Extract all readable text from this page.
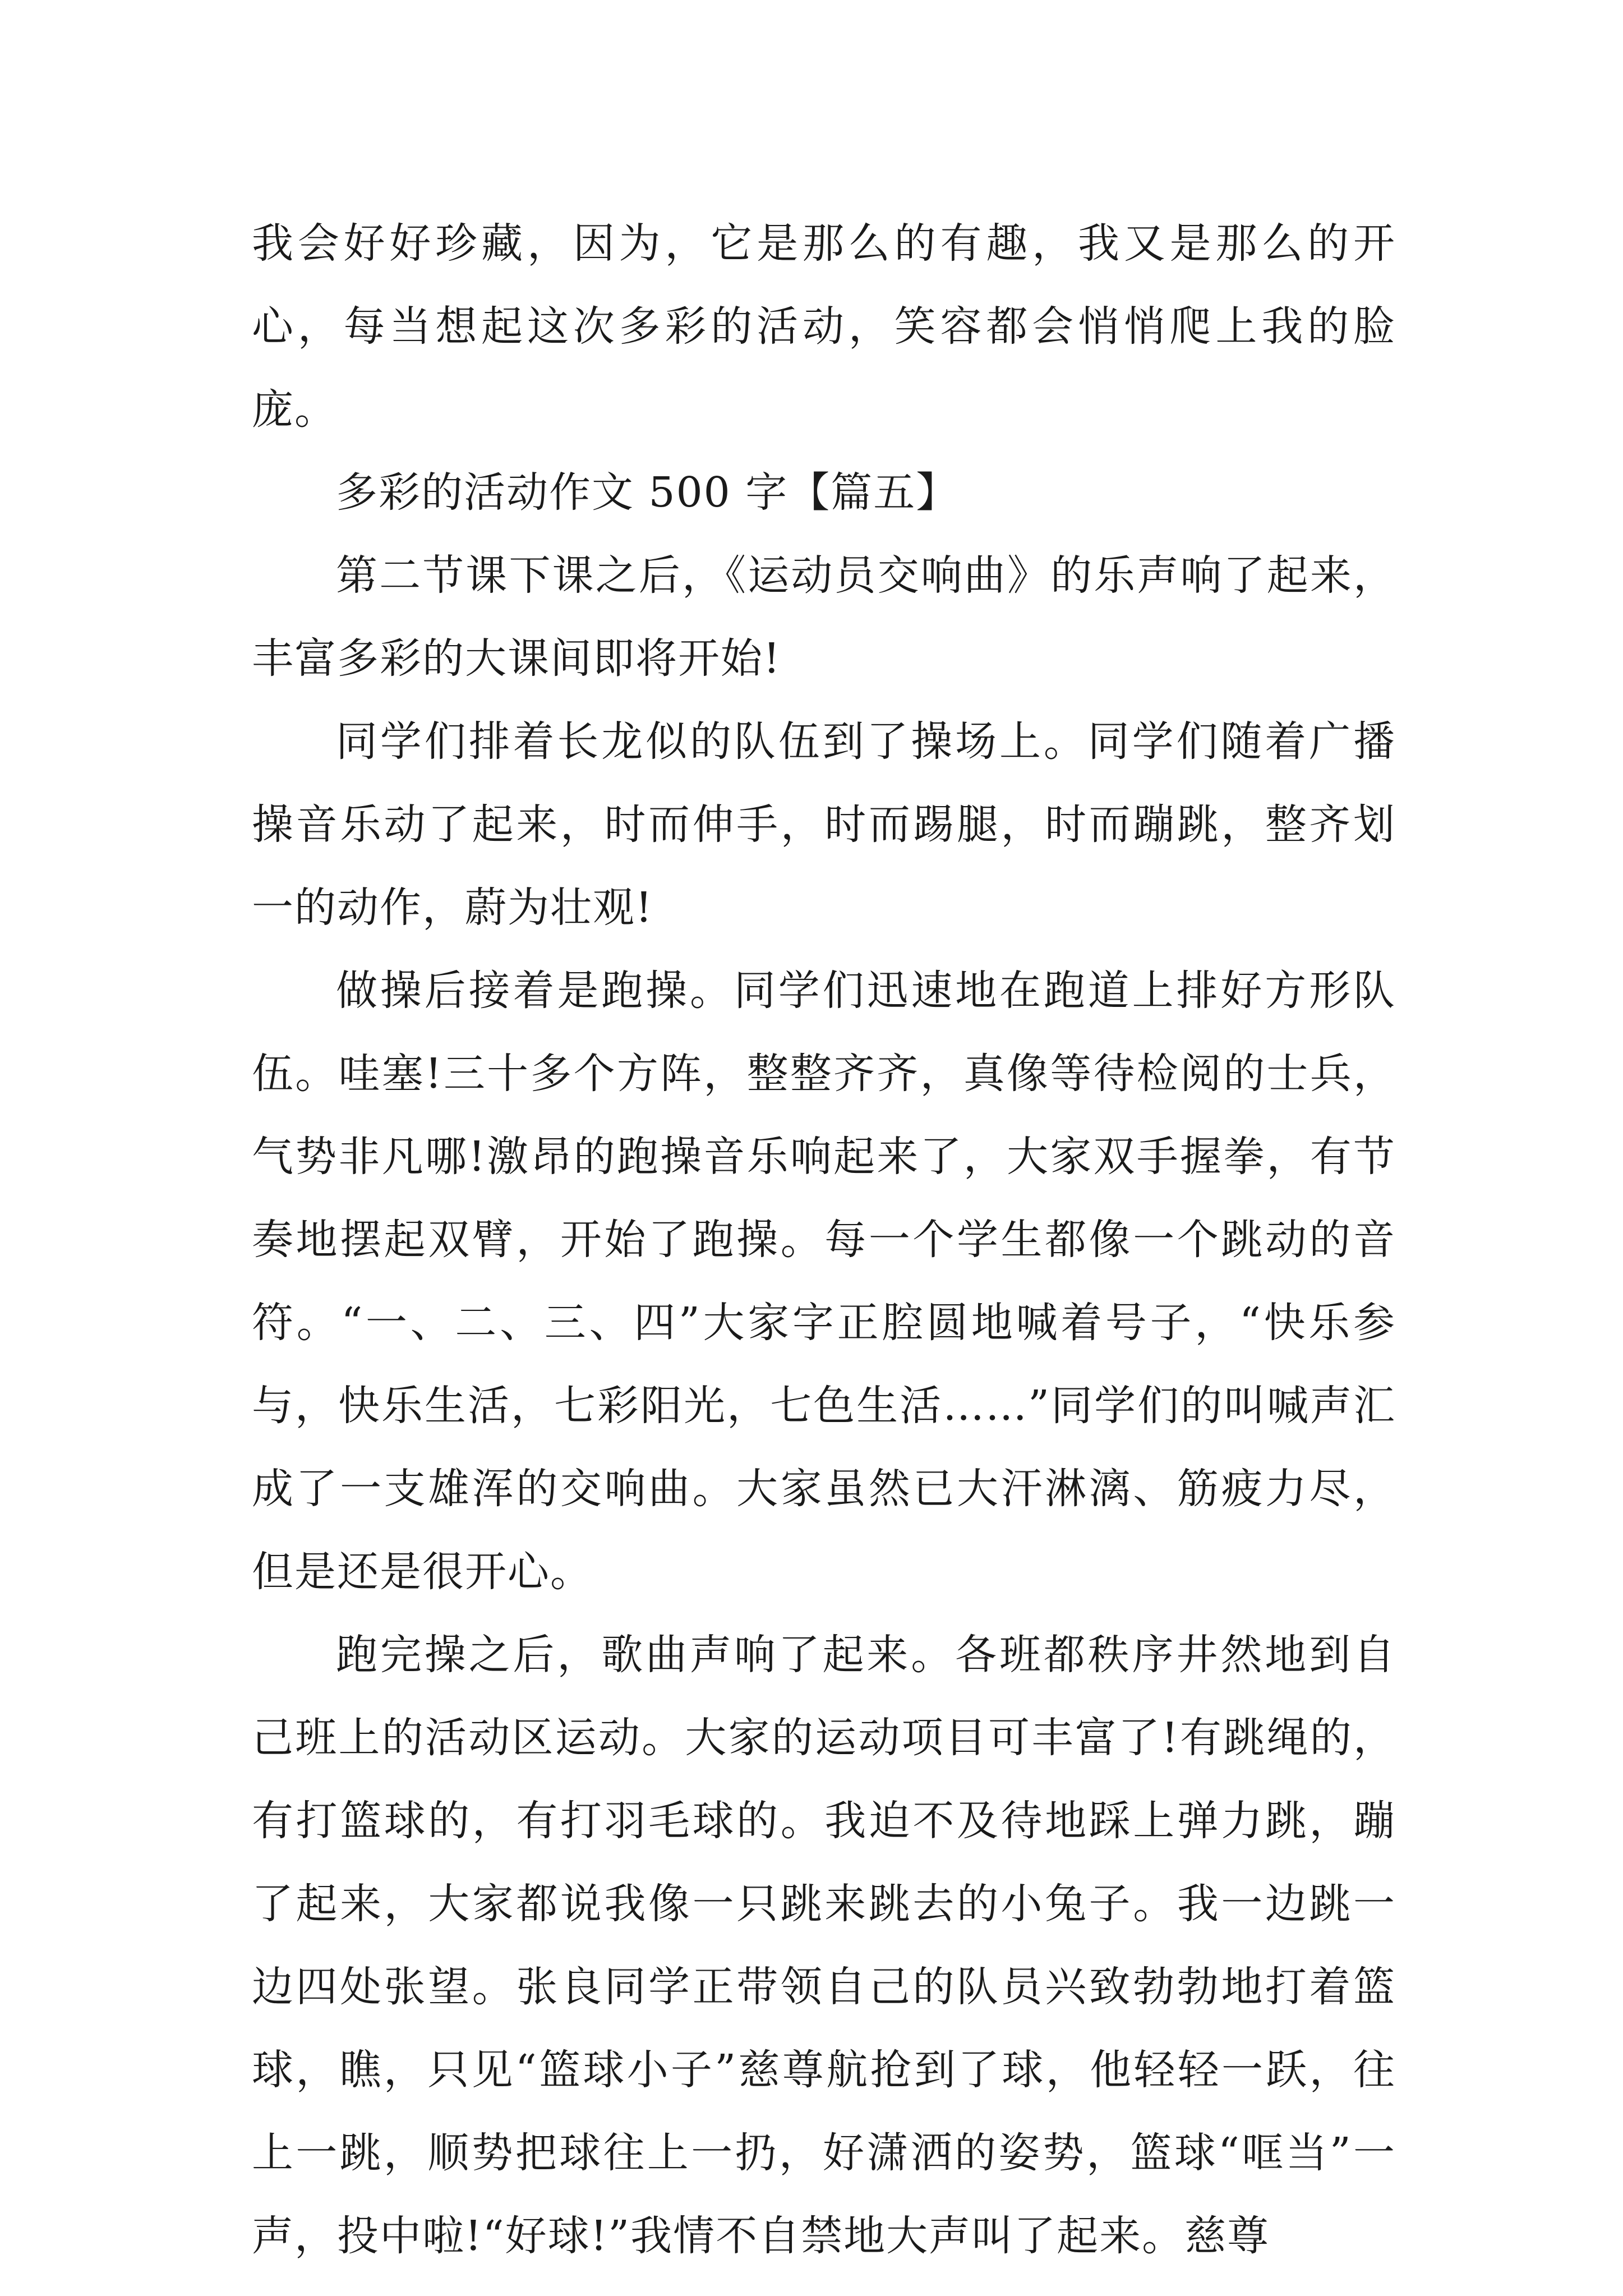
我会好好珍藏，因为，它是那么的有趣，我又是那么的开心，每当想起这次多彩的活动，笑容都会悄悄爬上我的脸庞。

多彩的活动作文 500 字【篇五】

第二节课下课之后，《运动员交响曲》的乐声响了起来，丰富多彩的大课间即将开始!

同学们排着长龙似的队伍到了操场上。同学们随着广播操音乐动了起来，时而伸手，时而踢腿，时而蹦跳，整齐划一的动作，蔚为壮观!

做操后接着是跑操。同学们迅速地在跑道上排好方形队伍。哇塞!三十多个方阵，整整齐齐，真像等待检阅的士兵，气势非凡哪!激昂的跑操音乐响起来了，大家双手握拳，有节奏地摆起双臂，开始了跑操。每一个学生都像一个跳动的音符。“一、二、三、四”大家字正腔圆地喊着号子，“快乐参与，快乐生活，七彩阳光，七色生活……”同学们的叫喊声汇成了一支雄浑的交响曲。大家虽然已大汗淋漓、筋疲力尽，但是还是很开心。

跑完操之后，歌曲声响了起来。各班都秩序井然地到自己班上的活动区运动。大家的运动项目可丰富了!有跳绳的，有打篮球的，有打羽毛球的。我迫不及待地踩上弹力跳，蹦了起来，大家都说我像一只跳来跳去的小兔子。我一边跳一边四处张望。张良同学正带领自己的队员兴致勃勃地打着篮球，瞧，只见“篮球小子”慈尊航抢到了球，他轻轻一跃，往上一跳，顺势把球往上一扔，好潇洒的姿势，篮球“哐当”一声，投中啦!“好球!”我情不自禁地大声叫了起来。慈尊
